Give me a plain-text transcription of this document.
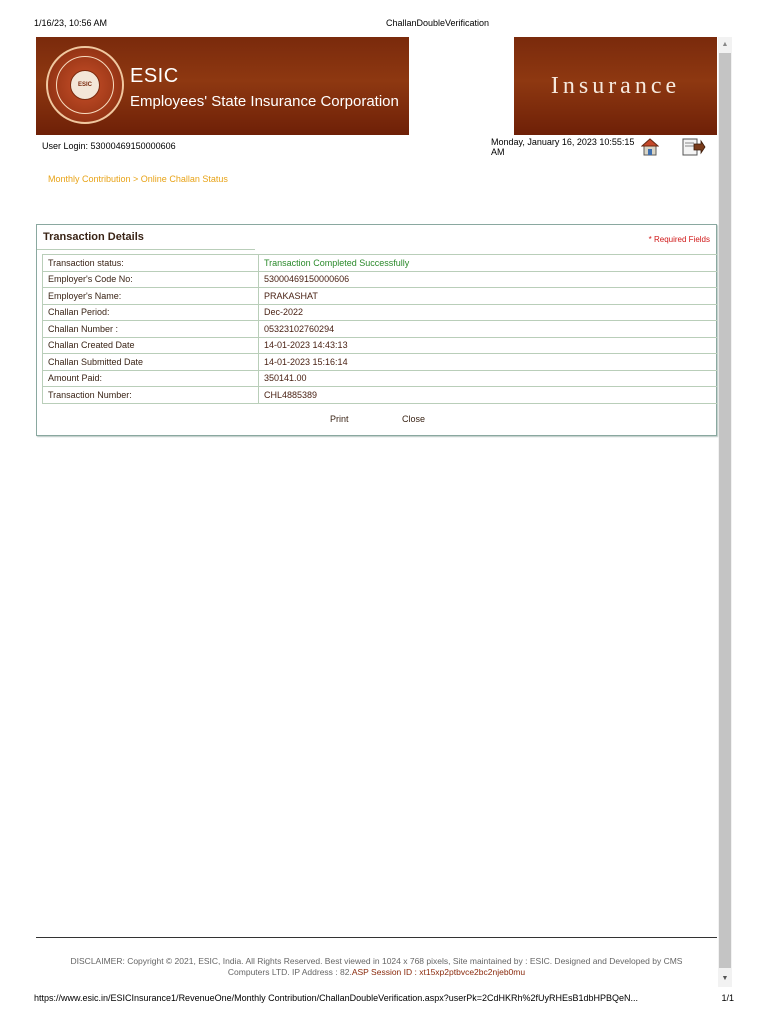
1/16/23, 10:56 AM	ChallanDoubleVerification
ESIC ESIC
Employees' State Insurance Corporation
Insurance
▲
▼
User Login: 53000469150000606	Monday, January 16, 2023 10:55:15 AM
Monthly Contribution > Online Challan Status
Transaction Details	* Required Fields
Transaction status:	Transaction Completed Successfully
Employer's Code No:	53000469150000606
Employer's Name:	PRAKASHAT
Challan Period:	Dec-2022
Challan Number :	05323102760294
Challan Created Date	14-01-2023 14:43:13
Challan Submitted Date	14-01-2023 15:16:14
Amount Paid:	350141.00
Transaction Number:	CHL4885389
Print	Close
DISCLAIMER: Copyright © 2021, ESIC, India. All Rights Reserved. Best viewed in 1024 x 768 pixels, Site maintained by : ESIC. Designed and Developed by CMS
Computers LTD. IP Address : 82.ASP Session ID : xt15xp2ptbvce2bc2njeb0mu
https://www.esic.in/ESICInsurance1/RevenueOne/Monthly Contribution/ChallanDoubleVerification.aspx?userPk=2CdHKRh%2fUyRHEsB1dbHPBQeN...	1/1
